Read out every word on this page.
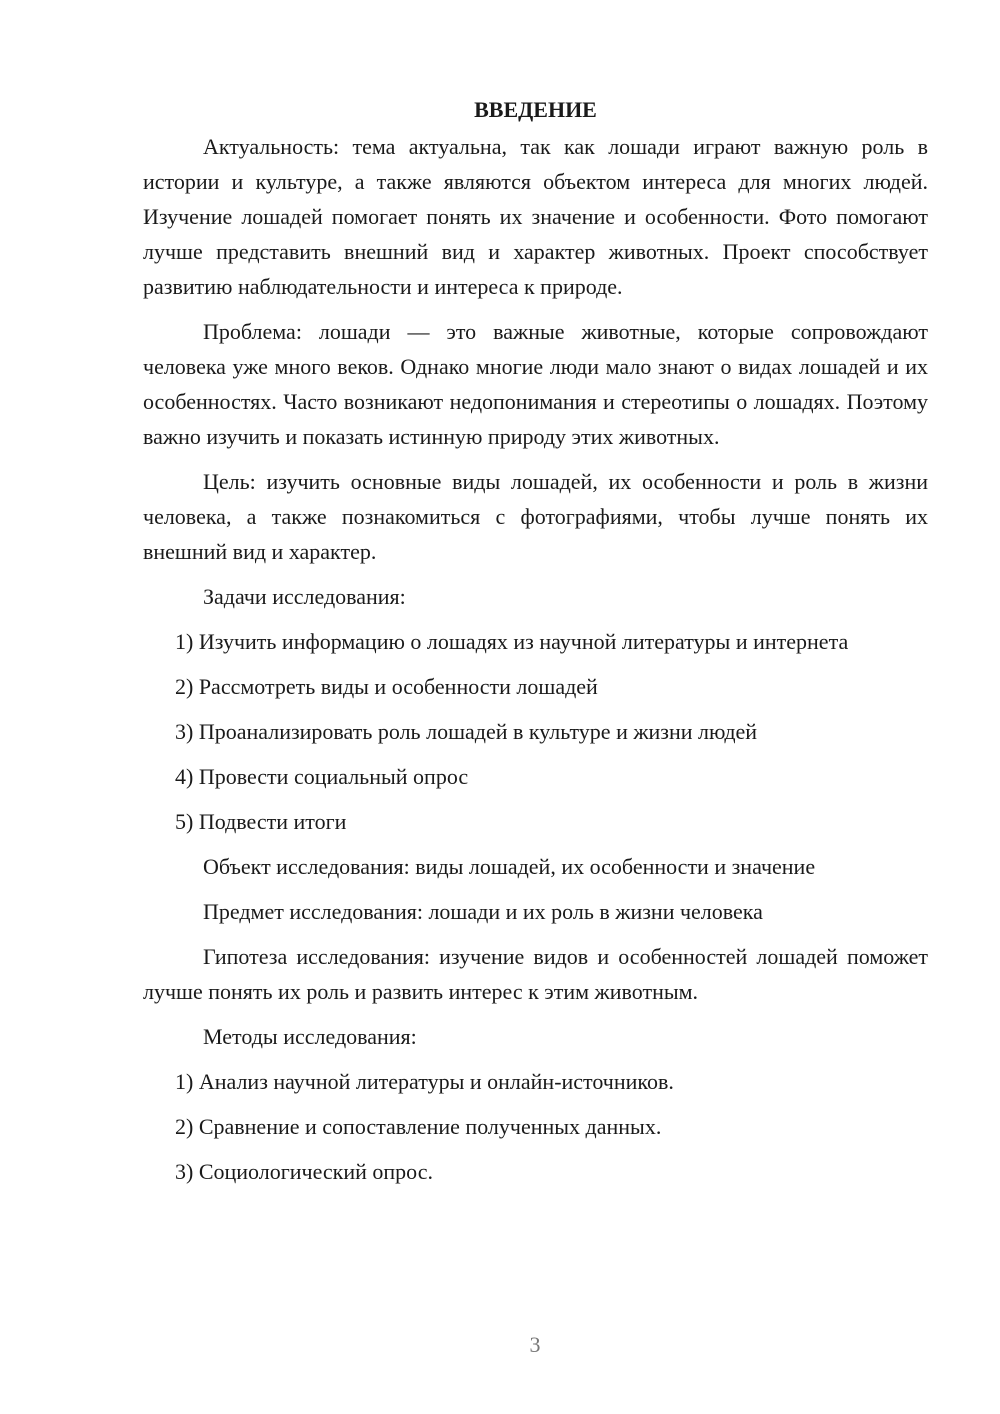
ВВЕДЕНИЕ

Актуальность: тема актуальна, так как лошади играют важную роль в истории и культуре, а также являются объектом интереса для многих людей. Изучение лошадей помогает понять их значение и особенности. Фото помогают лучше представить внешний вид и характер животных. Проект способствует развитию наблюдательности и интереса к природе.

Проблема: лошади — это важные животные, которые сопровождают человека уже много веков. Однако многие люди мало знают о видах лошадей и их особенностях. Часто возникают недопонимания и стереотипы о лошадях. Поэтому важно изучить и показать истинную природу этих животных.

Цель: изучить основные виды лошадей, их особенности и роль в жизни человека, а также познакомиться с фотографиями, чтобы лучше понять их внешний вид и характер.

Задачи исследования:

1) Изучить информацию о лошадях из научной литературы и интернета

2) Рассмотреть виды и особенности лошадей

3) Проанализировать роль лошадей в культуре и жизни людей

4) Провести социальный опрос

5) Подвести итоги

Объект исследования: виды лошадей, их особенности и значение

Предмет исследования: лошади и их роль в жизни человека

Гипотеза исследования: изучение видов и особенностей лошадей поможет лучше понять их роль и развить интерес к этим животным.

Методы исследования:

1) Анализ научной литературы и онлайн-источников.

2) Сравнение и сопоставление полученных данных.

3) Социологический опрос.

3
